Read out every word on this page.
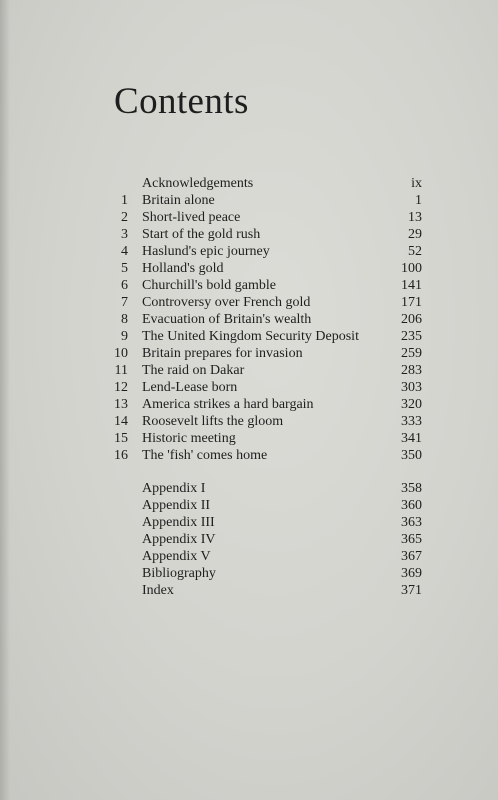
Contents
Acknowledgements	ix
1	Britain alone	1
2	Short-lived peace	13
3	Start of the gold rush	29
4	Haslund's epic journey	52
5	Holland's gold	100
6	Churchill's bold gamble	141
7	Controversy over French gold	171
8	Evacuation of Britain's wealth	206
9	The United Kingdom Security Deposit	235
10	Britain prepares for invasion	259
11	The raid on Dakar	283
12	Lend-Lease born	303
13	America strikes a hard bargain	320
14	Roosevelt lifts the gloom	333
15	Historic meeting	341
16	The 'fish' comes home	350
Appendix I	358
Appendix II	360
Appendix III	363
Appendix IV	365
Appendix V	367
Bibliography	369
Index	371
